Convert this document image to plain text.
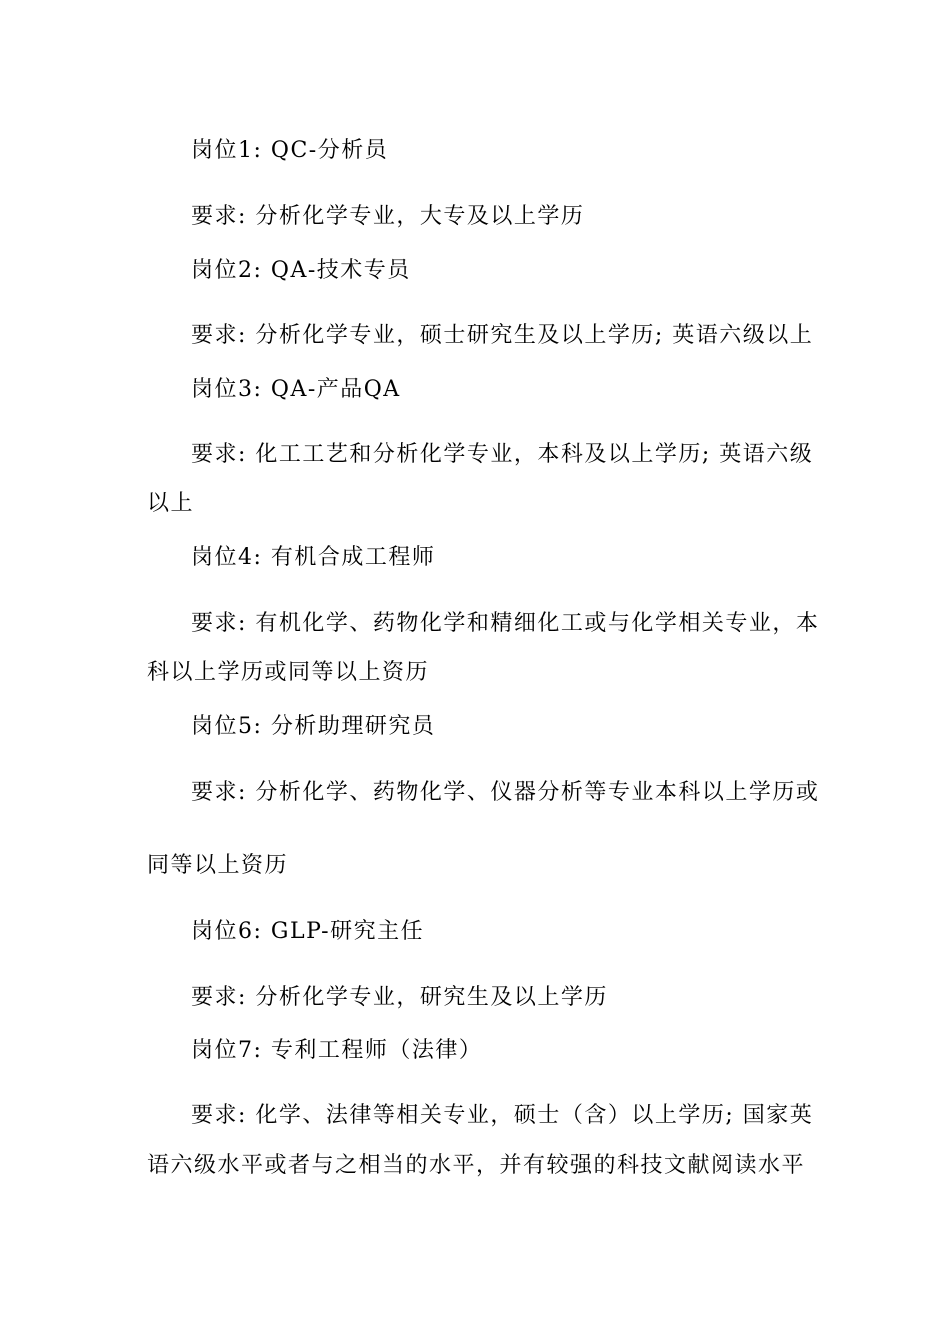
岗位1: QC-分析员
要求: 分析化学专业，大专及以上学历
岗位2: QA-技术专员
要求: 分析化学专业，硕士研究生及以上学历; 英语六级以上
岗位3: QA-产品QA
要求: 化工工艺和分析化学专业，本科及以上学历; 英语六级
以上
岗位4: 有机合成工程师
要求: 有机化学、药物化学和精细化工或与化学相关专业，本
科以上学历或同等以上资历
岗位5: 分析助理研究员
要求: 分析化学、药物化学、仪器分析等专业本科以上学历或
同等以上资历
岗位6: GLP-研究主任
要求: 分析化学专业，研究生及以上学历
岗位7: 专利工程师（法律）
要求: 化学、法律等相关专业，硕士（含）以上学历; 国家英
语六级水平或者与之相当的水平，并有较强的科技文献阅读水平
